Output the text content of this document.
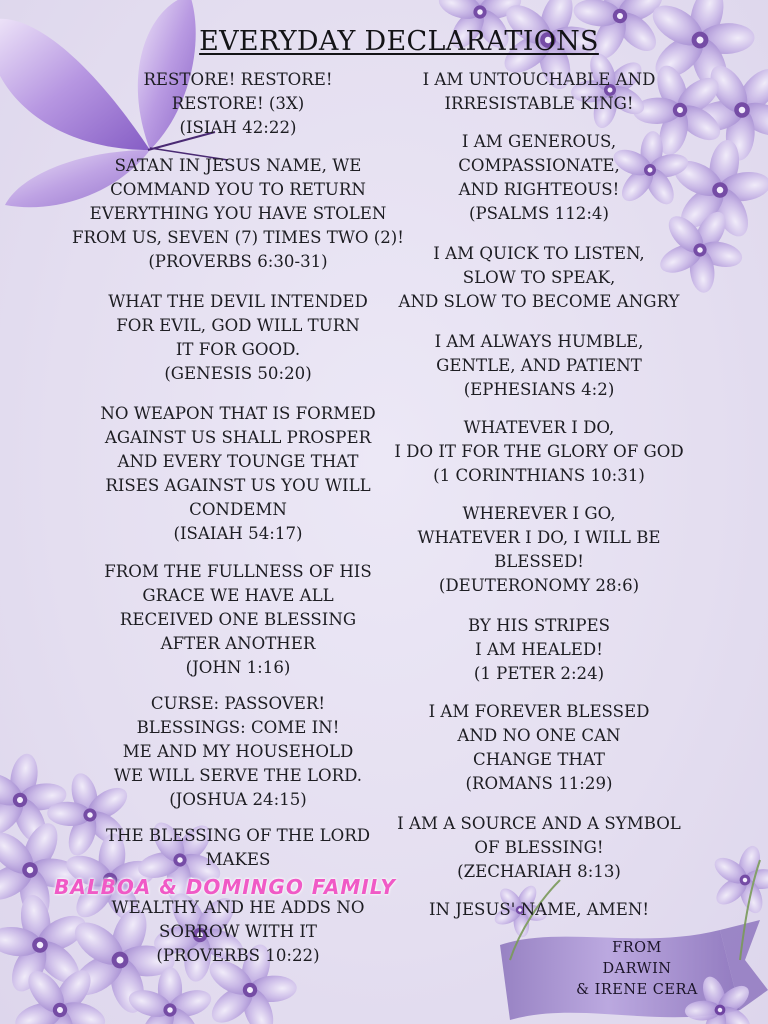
EVERYDAY DECLARATIONS
RESTORE! RESTORE!
RESTORE! (3X)
(ISIAH 42:22)
SATAN IN JESUS NAME, WE
COMMAND YOU TO RETURN
EVERYTHING YOU HAVE STOLEN
FROM US, SEVEN (7) TIMES TWO (2)!
(PROVERBS 6:30-31)
WHAT THE DEVIL INTENDED
FOR EVIL, GOD WILL TURN
IT FOR GOOD.
(GENESIS 50:20)
NO WEAPON THAT IS FORMED
AGAINST US SHALL PROSPER
AND EVERY TOUNGE THAT
RISES AGAINST US YOU WILL
CONDEMN
(ISAIAH 54:17)
FROM THE FULLNESS OF HIS
GRACE WE HAVE ALL
RECEIVED ONE BLESSING
AFTER ANOTHER
(JOHN 1:16)
CURSE: PASSOVER!
BLESSINGS: COME IN!
ME AND MY HOUSEHOLD
WE WILL SERVE THE LORD.
(JOSHUA 24:15)
THE BLESSING OF THE LORD
MAKES

WEALTHY AND HE ADDS NO
SORROW WITH IT
(PROVERBS 10:22)
I AM UNTOUCHABLE AND
IRRESISTABLE KING!
I AM GENEROUS,
COMPASSIONATE,
AND RIGHTEOUS!
(PSALMS 112:4)
I AM QUICK TO LISTEN,
SLOW TO SPEAK,
AND SLOW TO BECOME ANGRY
I AM ALWAYS HUMBLE,
GENTLE, AND PATIENT
(EPHESIANS 4:2)
WHATEVER I DO,
I DO IT FOR THE GLORY OF GOD
(1 CORINTHIANS 10:31)
WHEREVER I GO,
WHATEVER I DO, I WILL BE
BLESSED!
(DEUTERONOMY 28:6)
BY HIS STRIPES
I AM HEALED!
(1 PETER 2:24)
I AM FOREVER BLESSED
AND NO ONE CAN
CHANGE THAT
(ROMANS 11:29)
I AM A SOURCE AND A SYMBOL
OF BLESSING!
(ZECHARIAH 8:13)
IN JESUS' NAME, AMEN!
BALBOA & DOMINGO FAMILY
FROM
DARWIN
& IRENE CERA
